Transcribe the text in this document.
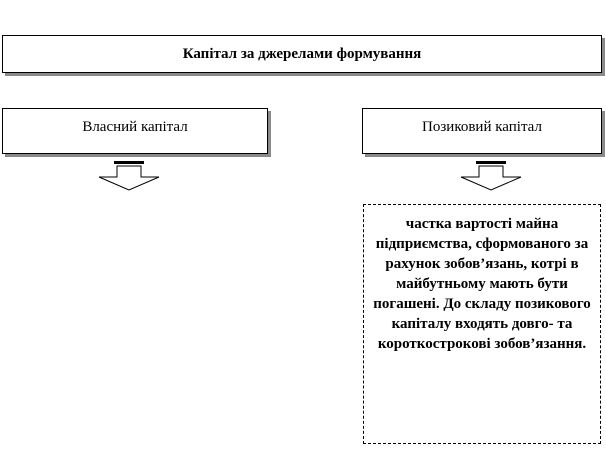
Капітал за джерелами формування
Власний капітал	Позиковий капітал
частка вартості майна підприємства, сформованого за рахунок зобов’язань, котрі в майбутньому мають бути погашені. До складу позикового капіталу входять довго- та короткострокові зобов’язання.
